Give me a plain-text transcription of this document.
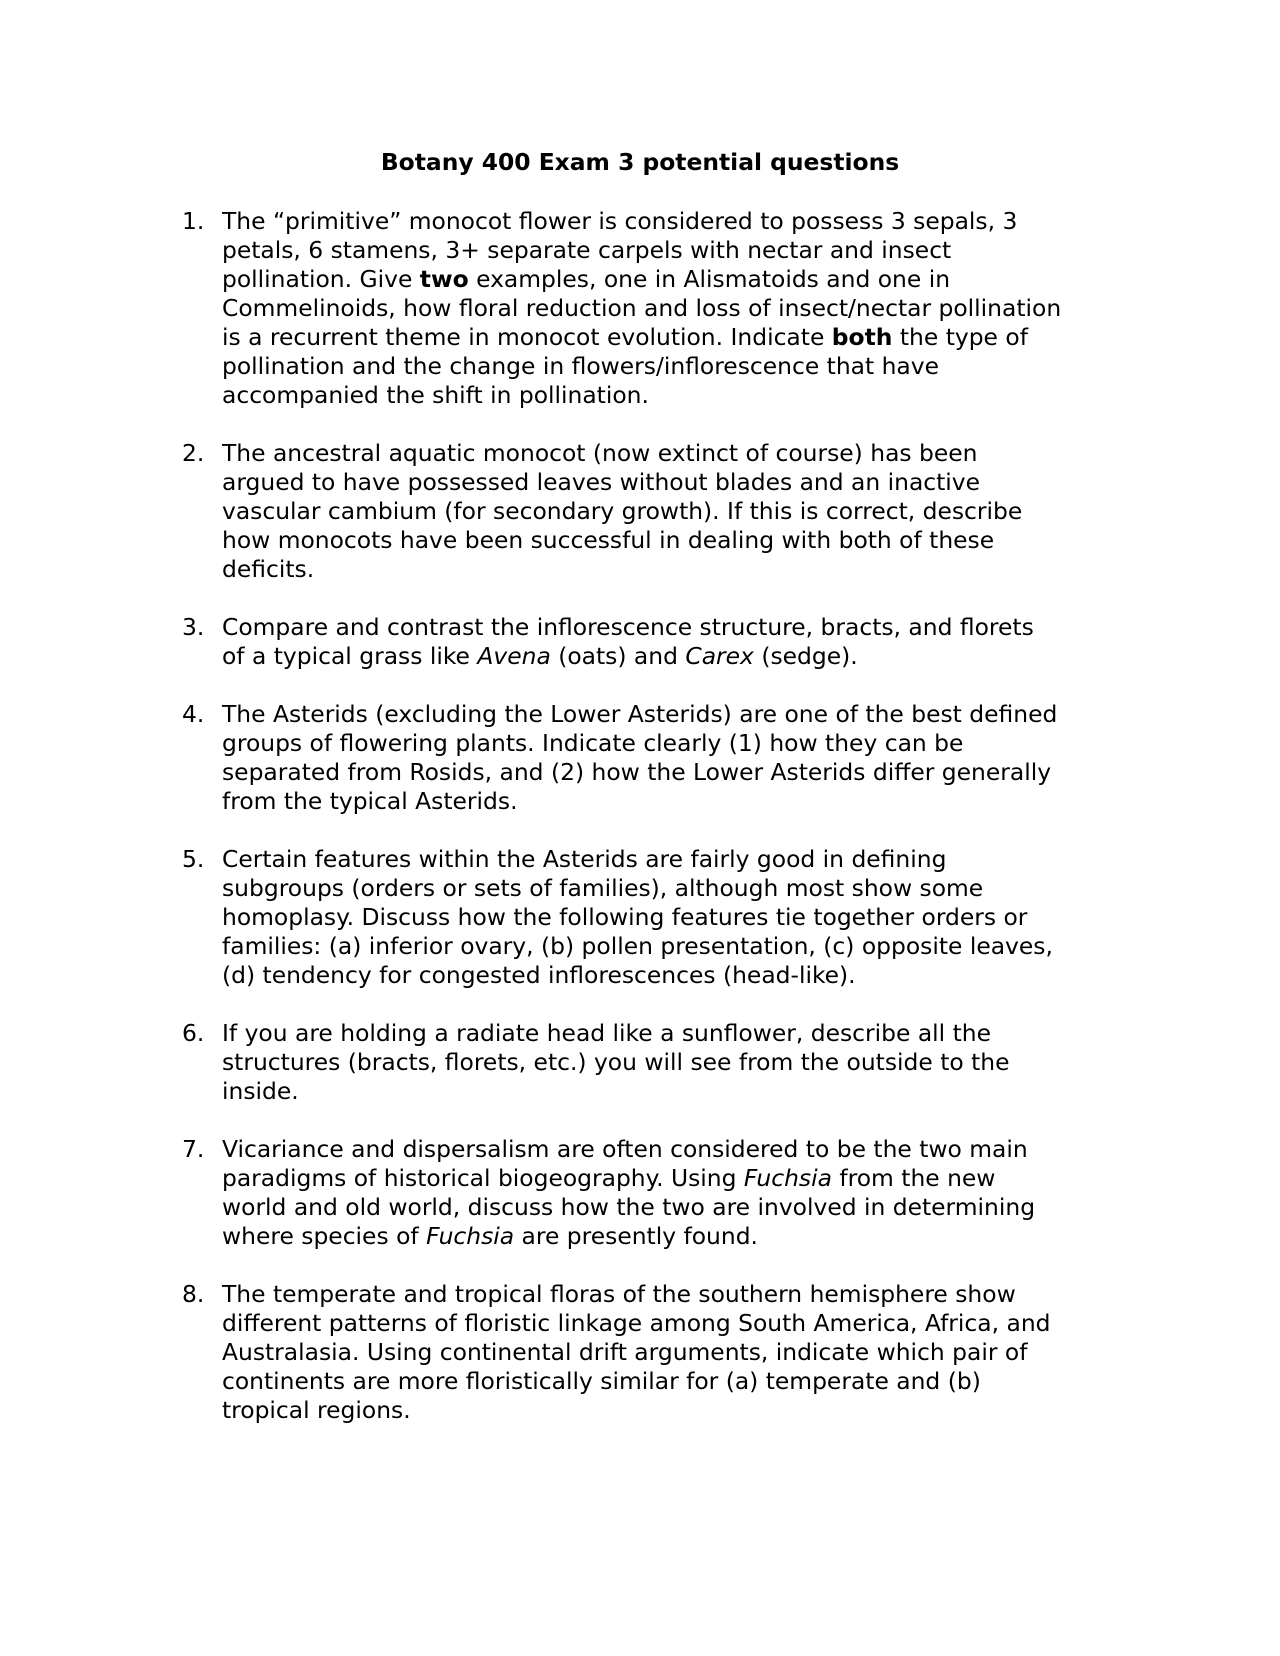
Botany 400 Exam 3 potential questions
1. The “primitive” monocot flower is considered to possess 3 sepals, 3
petals, 6 stamens, 3+ separate carpels with nectar and insect
pollination. Give two examples, one in Alismatoids and one in
Commelinoids, how floral reduction and loss of insect/nectar pollination
is a recurrent theme in monocot evolution. Indicate both the type of
pollination and the change in flowers/inflorescence that have
accompanied the shift in pollination.
2. The ancestral aquatic monocot (now extinct of course) has been
argued to have possessed leaves without blades and an inactive
vascular cambium (for secondary growth). If this is correct, describe
how monocots have been successful in dealing with both of these
deficits.
3. Compare and contrast the inflorescence structure, bracts, and florets
of a typical grass like Avena (oats) and Carex (sedge).
4. The Asterids (excluding the Lower Asterids) are one of the best defined
groups of flowering plants. Indicate clearly (1) how they can be
separated from Rosids, and (2) how the Lower Asterids differ generally
from the typical Asterids.
5. Certain features within the Asterids are fairly good in defining
subgroups (orders or sets of families), although most show some
homoplasy. Discuss how the following features tie together orders or
families: (a) inferior ovary, (b) pollen presentation, (c) opposite leaves,
(d) tendency for congested inflorescences (head-like).
6. If you are holding a radiate head like a sunflower, describe all the
structures (bracts, florets, etc.) you will see from the outside to the
inside.
7. Vicariance and dispersalism are often considered to be the two main
paradigms of historical biogeography. Using Fuchsia from the new
world and old world, discuss how the two are involved in determining
where species of Fuchsia are presently found.
8. The temperate and tropical floras of the southern hemisphere show
different patterns of floristic linkage among South America, Africa, and
Australasia. Using continental drift arguments, indicate which pair of
continents are more floristically similar for (a) temperate and (b)
tropical regions.
